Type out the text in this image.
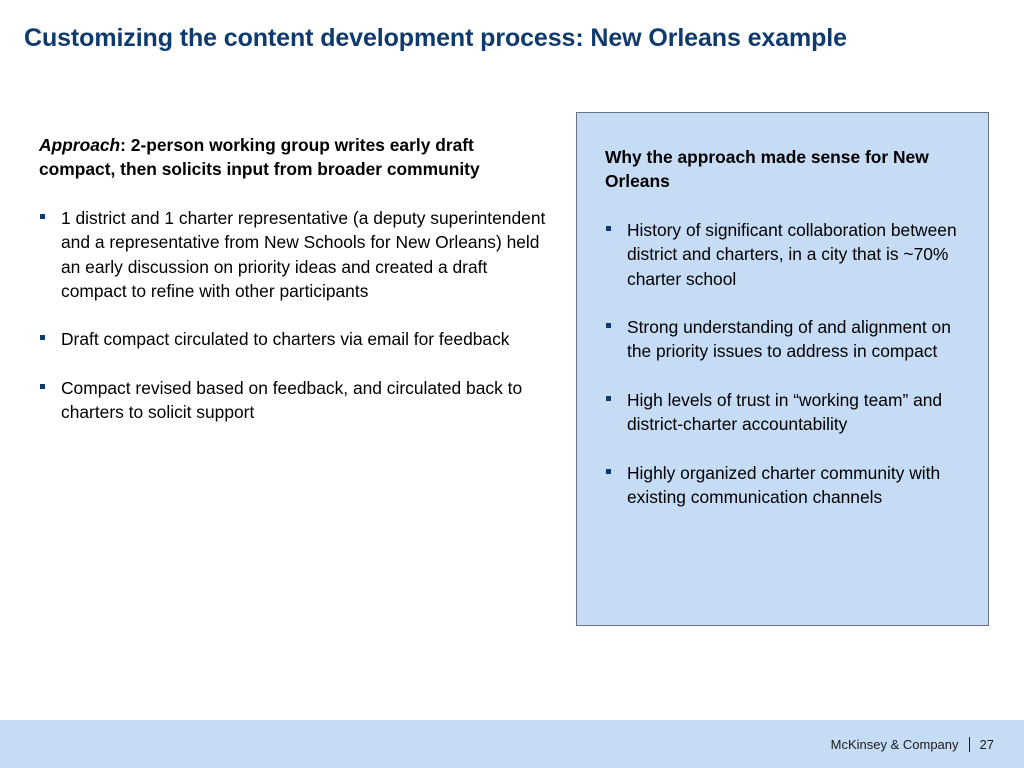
Customizing the content development process: New Orleans example
Approach: 2-person working group writes early draft compact, then solicits input from broader community
1 district and 1 charter representative (a deputy superintendent and a representative from New Schools for New Orleans) held an early discussion on priority ideas and created a draft compact to refine with other participants
Draft compact circulated to charters via email for feedback
Compact revised based on feedback, and circulated back to charters to solicit support
Why the approach made sense for New Orleans
History of significant collaboration between district and charters, in a city that is ~70% charter school
Strong understanding of and alignment on the priority issues to address in compact
High levels of trust in “working team” and district-charter accountability
Highly organized charter community with existing communication channels
McKinsey & Company 27
